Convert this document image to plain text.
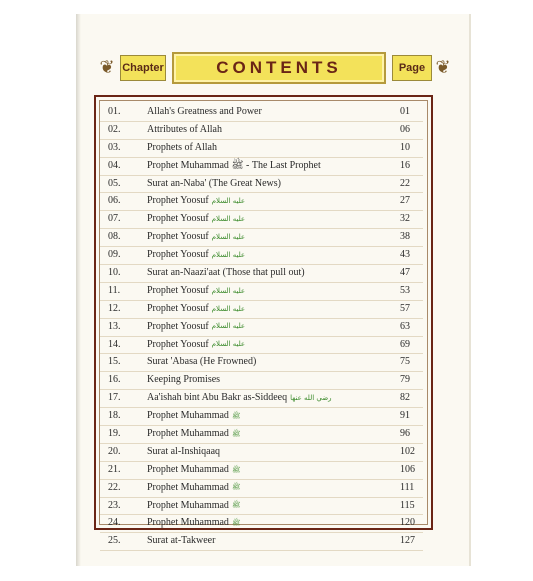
❦ Chapter	CONTENTS	Page ❦
01.	Allah's Greatness and Power	01
02.	Attributes of Allah	06
03.	Prophets of Allah	10
04.	Prophet Muhammad ﷺ - The Last Prophet	16
05.	Surat an-Naba' (The Great News)	22
06.	Prophet Yoosuf عليه السلام	27
07.	Prophet Yoosuf عليه السلام	32
08.	Prophet Yoosuf عليه السلام	38
09.	Prophet Yoosuf عليه السلام	43
10.	Surat an-Naazi'aat (Those that pull out)	47
11.	Prophet Yoosuf عليه السلام	53
12.	Prophet Yoosuf عليه السلام	57
13.	Prophet Yoosuf عليه السلام	63
14.	Prophet Yoosuf عليه السلام	69
15.	Surat 'Abasa (He Frowned)	75
16.	Keeping Promises	79
17.	Aa'ishah bint Abu Bakr as-Siddeeq رضي الله عنها	82
18.	Prophet Muhammad ﷺ	91
19.	Prophet Muhammad ﷺ	96
20.	Surat al-Inshiqaaq	102
21.	Prophet Muhammad ﷺ	106
22.	Prophet Muhammad ﷺ	111
23.	Prophet Muhammad ﷺ	115
24.	Prophet Muhammad ﷺ	120
25.	Surat at-Takweer	127
